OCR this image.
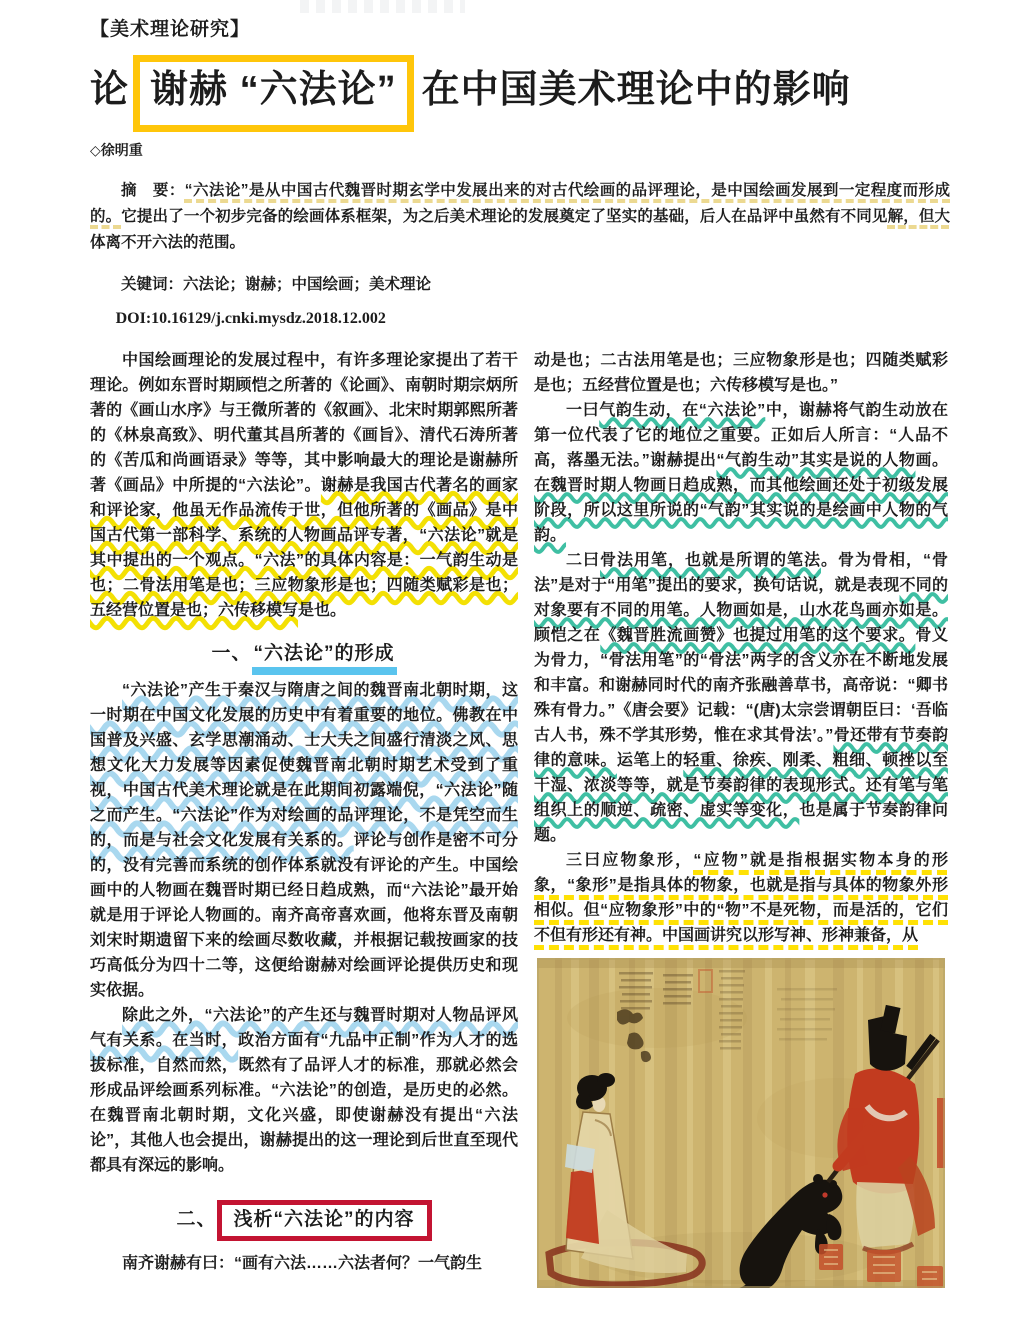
【美术理论研究】
论 谢赫 “六法论” 在中国美术理论中的影响
◇徐明重

摘　要：“六法论”是从中国古代魏晋时期玄学中发展出来的对古代绘画的品评理论，是中国绘画发展到一定程度而形成的。它提出了一个初步完备的绘画体系框架，为之后美术理论的发展奠定了坚实的基础，后人在品评中虽然有不同见解，但大体离不开六法的范围。

关键词：六法论；谢赫；中国绘画；美术理论

DOI:10.16129/j.cnki.mysdz.2018.12.002

中国绘画理论的发展过程中，有许多理论家提出了若干理论。例如东晋时期顾恺之所著的《论画》、南朝时期宗炳所著的《画山水序》与王微所著的《叙画》、北宋时期郭熙所著的《林泉高致》、明代董其昌所著的《画旨》、清代石涛所著的《苦瓜和尚画语录》等等，其中影响最大的理论是谢赫所著《画品》中所提的“六法论”。谢赫是我国古代著名的画家和评论家，他虽无作品流传于世，但他所著的《画品》是中国古代第一部科学、系统的人物画品评专著，“六法论”就是其中提出的一个观点。“六法”的具体内容是：一气韵生动是也；二骨法用笔是也；三应物象形是也；四随类赋彩是也；五经营位置是也；六传移模写是也。

一、 “六法论”的形成

“六法论”产生于秦汉与隋唐之间的魏晋南北朝时期，这一时期在中国文化发展的历史中有着重要的地位。佛教在中国普及兴盛、玄学思潮涌动、士大夫之间盛行清淡之风、思想文化大力发展等因素促使魏晋南北朝时期艺术受到了重视，中国古代美术理论就是在此期间初露端倪，“六法论”随之而产生。“六法论”作为对绘画的品评理论，不是凭空而生的，而是与社会文化发展有关系的。评论与创作是密不可分的，没有完善而系统的创作体系就没有评论的产生。中国绘画中的人物画在魏晋时期已经日趋成熟，而“六法论”最开始就是用于评论人物画的。南齐高帝喜欢画，他将东晋及南朝刘宋时期遗留下来的绘画尽数收藏，并根据记载按画家的技巧高低分为四十二等，这便给谢赫对绘画评论提供历史和现实依据。

除此之外，“六法论”的产生还与魏晋时期对人物品评风气有关系。在当时，政治方面有“九品中正制”作为人才的选拔标准，自然而然，既然有了品评人才的标准，那就必然会形成品评绘画系列标准。“六法论”的创造，是历史的必然。在魏晋南北朝时期，文化兴盛，即使谢赫没有提出“六法论”，其他人也会提出，谢赫提出的这一理论到后世直至现代都具有深远的影响。

二、 浅析“六法论”的内容

南齐谢赫有曰：“画有六法……六法者何？一气韵生

动是也；二古法用笔是也；三应物象形是也；四随类赋彩是也；五经营位置是也；六传移模写是也。”

一曰气韵生动，在“六法论”中，谢赫将气韵生动放在第一位代表了它的地位之重要。正如后人所言：“人品不高，落墨无法。”谢赫提出“气韵生动”其实是说的人物画。在魏晋时期人物画日趋成熟，而其他绘画还处于初级发展阶段，所以这里所说的“气韵”其实说的是绘画中人物的气韵。

二曰骨法用笔，也就是所谓的笔法。骨为骨相，“骨法”是对于“用笔”提出的要求，换句话说，就是表现不同的对象要有不同的用笔。人物画如是，山水花鸟画亦如是。顾恺之在《魏晋胜流画赞》也提过用笔的这个要求。骨义为骨力，“骨法用笔”的“骨法”两字的含义亦在不断地发展和丰富。和谢赫同时代的南齐张融善草书，高帝说：“卿书殊有骨力。”《唐会要》记载：“(唐)太宗尝谓朝臣曰：‘吾临古人书，殊不学其形势，惟在求其骨法’。”骨还带有节奏韵律的意味。运笔上的轻重、徐疾、刚柔、粗细、顿挫以至干湿、浓淡等等，就是节奏韵律的表现形式。还有笔与笔组织上的顺逆、疏密、虚实等变化，也是属于节奏韵律问题。

三曰应物象形，“应物”就是指根据实物本身的形象，“象形”是指具体的物象，也就是指与具体的物象外形相似。但“应物象形”中的“物”不是死物，而是活的，它们不但有形还有神。中国画讲究以形写神、形神兼备，从
